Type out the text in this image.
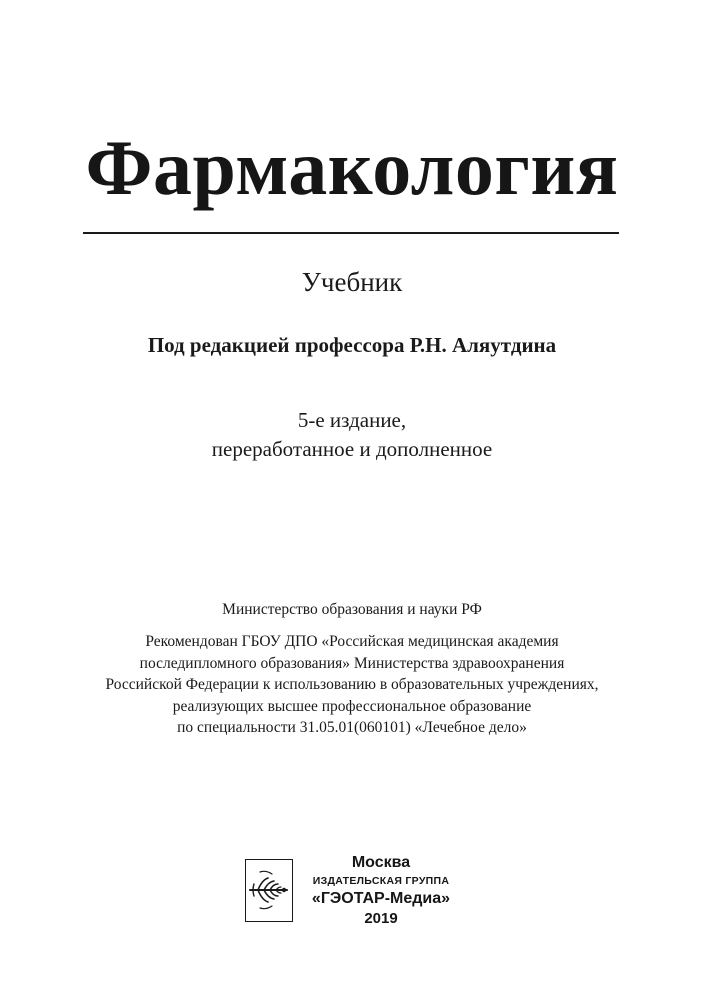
Фармакология
Учебник
Под редакцией профессора Р.Н. Аляутдина
5-е издание,
переработанное и дополненное
Министерство образования и науки РФ
Рекомендован ГБОУ ДПО «Российская медицинская академия
последипломного образования» Министерства здравоохранения
Российской Федерации к использованию в образовательных учреждениях,
реализующих высшее профессиональное образование
по специальности 31.05.01(060101) «Лечебное дело»
Москва
ИЗДАТЕЛЬСКАЯ ГРУППА
«ГЭОТАР-Медиа»
2019
